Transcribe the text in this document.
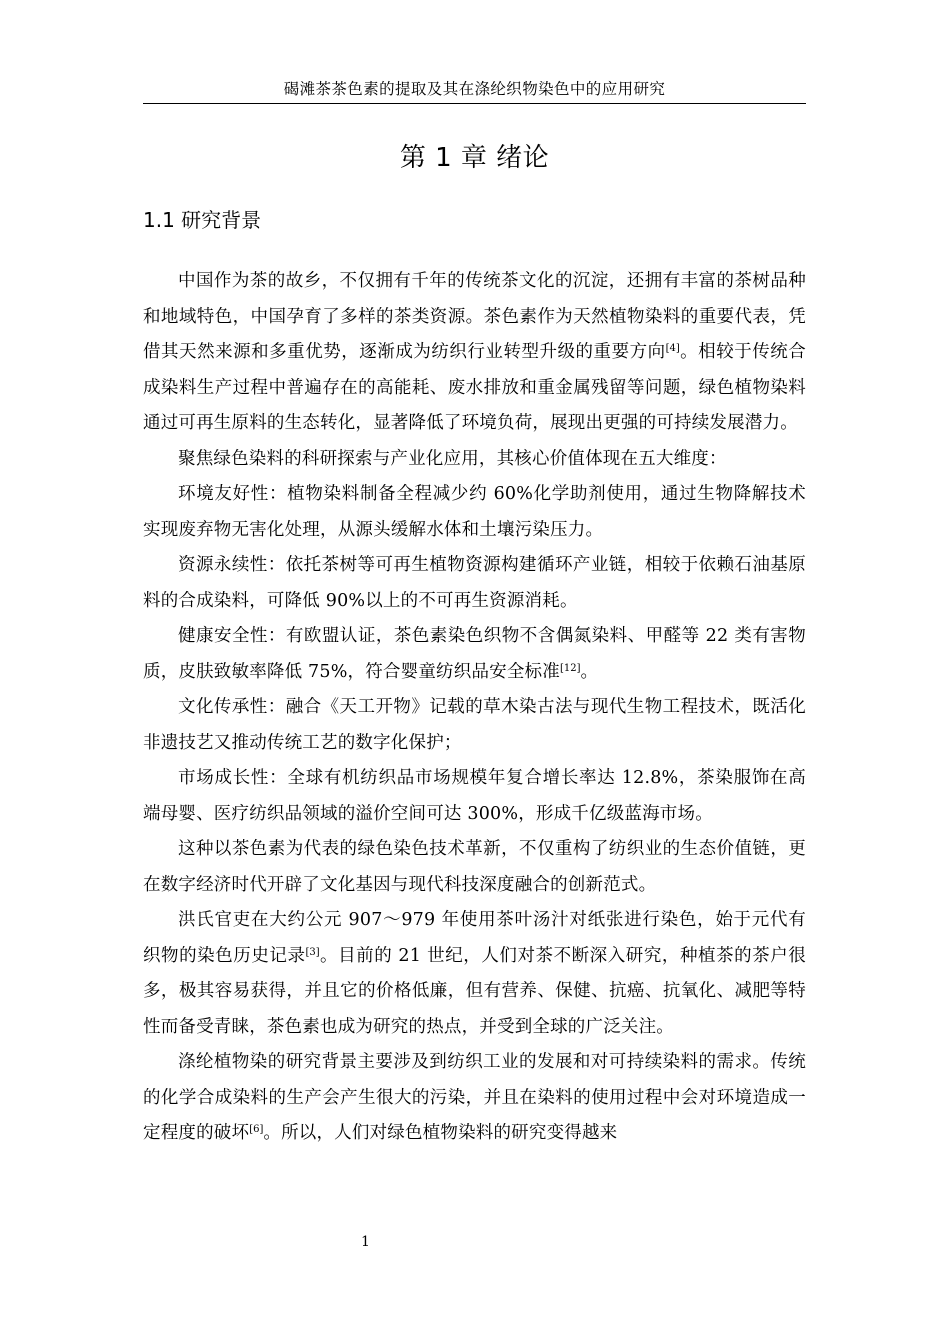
碣滩茶茶色素的提取及其在涤纶织物染色中的应用研究
第 1 章 绪论
1.1 研究背景

中国作为茶的故乡，不仅拥有千年的传统茶文化的沉淀，还拥有丰富的茶树品种和地域特色，中国孕育了多样的茶类资源。茶色素作为天然植物染料的重要代表，凭借其天然来源和多重优势，逐渐成为纺织行业转型升级的重要方向[4]。相较于传统合成染料生产过程中普遍存在的高能耗、废水排放和重金属残留等问题，绿色植物染料通过可再生原料的生态转化，显著降低了环境负荷，展现出更强的可持续发展潜力。

聚焦绿色染料的科研探索与产业化应用，其核心价值体现在五大维度：

环境友好性：植物染料制备全程减少约 60%化学助剂使用，通过生物降解技术实现废弃物无害化处理，从源头缓解水体和土壤污染压力。

资源永续性：依托茶树等可再生植物资源构建循环产业链，相较于依赖石油基原料的合成染料，可降低 90%以上的不可再生资源消耗。

健康安全性：有欧盟认证，茶色素染色织物不含偶氮染料、甲醛等 22 类有害物质，皮肤致敏率降低 75%，符合婴童纺织品安全标准[12]。

文化传承性：融合《天工开物》记载的草木染古法与现代生物工程技术，既活化非遗技艺又推动传统工艺的数字化保护；

市场成长性：全球有机纺织品市场规模年复合增长率达 12.8%，茶染服饰在高端母婴、医疗纺织品领域的溢价空间可达 300%，形成千亿级蓝海市场。

这种以茶色素为代表的绿色染色技术革新，不仅重构了纺织业的生态价值链，更在数字经济时代开辟了文化基因与现代科技深度融合的创新范式。

洪氏官吏在大约公元 907～979 年使用茶叶汤汁对纸张进行染色，始于元代有织物的染色历史记录[3]。目前的 21 世纪，人们对茶不断深入研究，种植茶的茶户很多，极其容易获得，并且它的价格低廉，但有营养、保健、抗癌、抗氧化、减肥等特性而备受青睐，茶色素也成为研究的热点，并受到全球的广泛关注。

涤纶植物染的研究背景主要涉及到纺织工业的发展和对可持续染料的需求。传统的化学合成染料的生产会产生很大的污染，并且在染料的使用过程中会对环境造成一定程度的破坏[6]。所以，人们对绿色植物染料的研究变得越来

1
